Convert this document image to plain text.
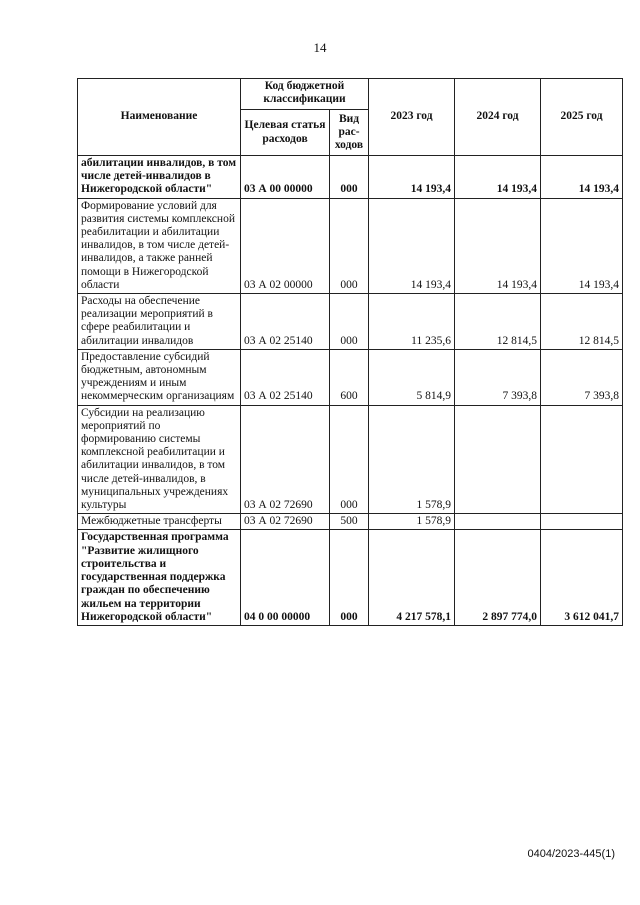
14
Наименование	Код бюджетной классификации		2023 год	2024 год	2025 год
	Целевая статья расходов	Вид рас-ходов			
абилитации инвалидов, в том числе детей-инвалидов в Нижегородской области"	03 А 00 00000	000	14 193,4	14 193,4	14 193,4
Формирование условий для развития системы комплексной реабилитации и абилитации инвалидов, в том числе детей-инвалидов, а также ранней помощи в Нижегородской области	03 А 02 00000	000	14 193,4	14 193,4	14 193,4
Расходы на обеспечение реализации мероприятий в сфере реабилитации и абилитации инвалидов	03 А 02 25140	000	11 235,6	12 814,5	12 814,5
Предоставление субсидий бюджетным, автономным учреждениям и иным некоммерческим организациям	03 А 02 25140	600	5 814,9	7 393,8	7 393,8
Субсидии на реализацию мероприятий по формированию системы комплексной реабилитации и абилитации инвалидов, в том числе детей-инвалидов, в муниципальных учреждениях культуры	03 А 02 72690	000	1 578,9		
Межбюджетные трансферты	03 А 02 72690	500	1 578,9		
Государственная программа "Развитие жилищного строительства и государственная поддержка граждан по обеспечению жильем на территории Нижегородской области"	04 0 00 00000	000	4 217 578,1	2 897 774,0	3 612 041,7
0404/2023-445(1)
